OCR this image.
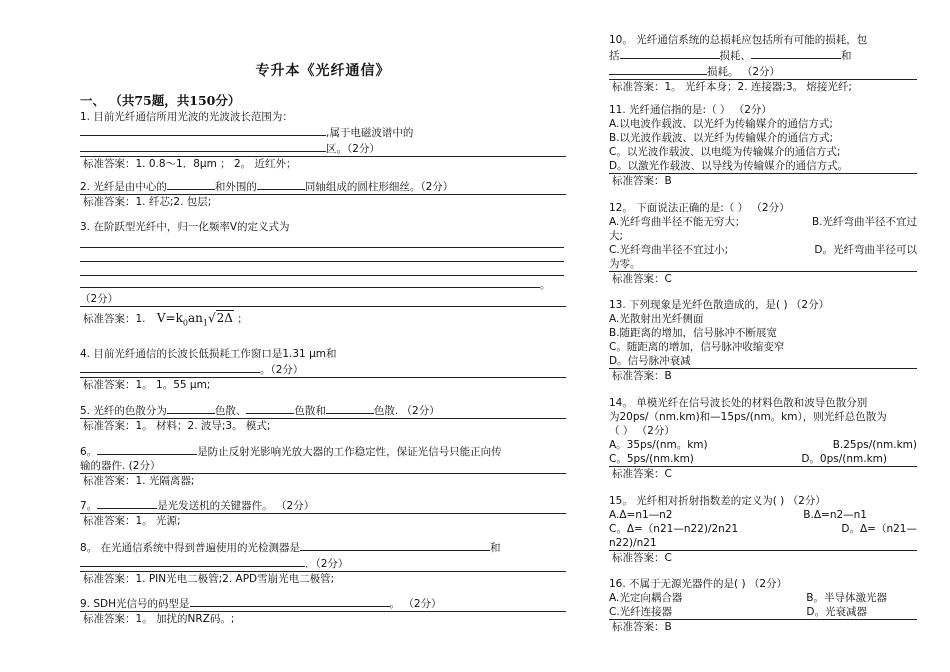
专升本《光纤通信》
一、 （共75题，共150分）
1. 目前光纤通信所用光波的光波波长范围为：
,属于电磁波谱中的
区。（2分）
标准答案：1. 0.8～1．8μm ； 2。 近红外；
2. 光纤是由中心的	和外围的	同轴组成的圆柱形细丝。（2分）
标准答案：1. 纤芯;2. 包层;
3. 在阶跃型光纤中，归一化频率V的定义式为
。
（2分）
标准答案：1. $V=k_0an_1√2\Delta$ ；
4. 目前光纤通信的长波长低损耗工作窗口是1.31 μm和
。（2分）
标准答案：1。 1。55 μm;
5. 光纤的色散分为	色散、	色散和	色散. （2分）
标准答案：1。 材料；2. 波导;3。 模式;
6。	是防止反射光影响光放大器的工作稳定性，保证光信号只能正向传
输的器件. (2分）
标准答案：1. 光隔离器;
7。	是光发送机的关键器件。 （2分）
标准答案：1。 光源;
8。 在光通信系统中得到普遍使用的光检测器是	和
．（2分）
标准答案：1. PIN光电二极管;2. APD雪崩光电二极管;
9. SDH光信号的码型是	。 （2分）
标准答案：1。 加扰的NRZ码。;
10。 光纤通信系统的总损耗应包括所有可能的损耗，包
括	损耗、	和
损耗。 （2分）
标准答案：1。 光纤本身；2. 连接器;3。 熔接光纤;
11. 光纤通信指的是:（ ） （2分）
A.以电波作载波、以光纤为传输媒介的通信方式;
B.以光波作载波、以光纤为传输媒介的通信方式;
C。以光波作载波、以电缆为传输媒介的通信方式;
D。以激光作载波、以导线为传输媒介的通信方式。
标准答案：B
12。 下面说法正确的是:（ ） （2分）
A.光纤弯曲半径不能无穷大；	B.光纤弯曲半径不宜过
大;
C.光纤弯曲半径不宜过小;	D。光纤弯曲半径可以
为零。
标准答案：C
13. 下列现象是光纤色散造成的，是( ) （2分）
A.光散射出光纤侧面
B.随距离的增加，信号脉冲不断展宽
C。随距离的增加，信号脉冲收缩变窄
D。信号脉冲衰减
标准答案：B
14。 单模光纤在信号波长处的材料色散和波导色散分别
为20ps/（nm.km)和—15ps/(nm。km），则光纤总色散为
（ ） （2分）
A。35ps/(nm。km)	B.25ps/(nm.km)
C。5ps/(nm.km)	D。0ps/(nm.km)
标准答案：C
15。 光纤相对折射指数差的定义为( ) （2分）
A.Δ=n1—n2	B.Δ=n2—n1
C。Δ=（n21—n22)/2n21	D。Δ=（n21—
n22)/n21
标准答案：C
16. 不属于无源光器件的是( ) （2分）
A.光定向耦合器	B。半导体激光器
C.光纤连接器	D。光衰减器
标准答案：B
